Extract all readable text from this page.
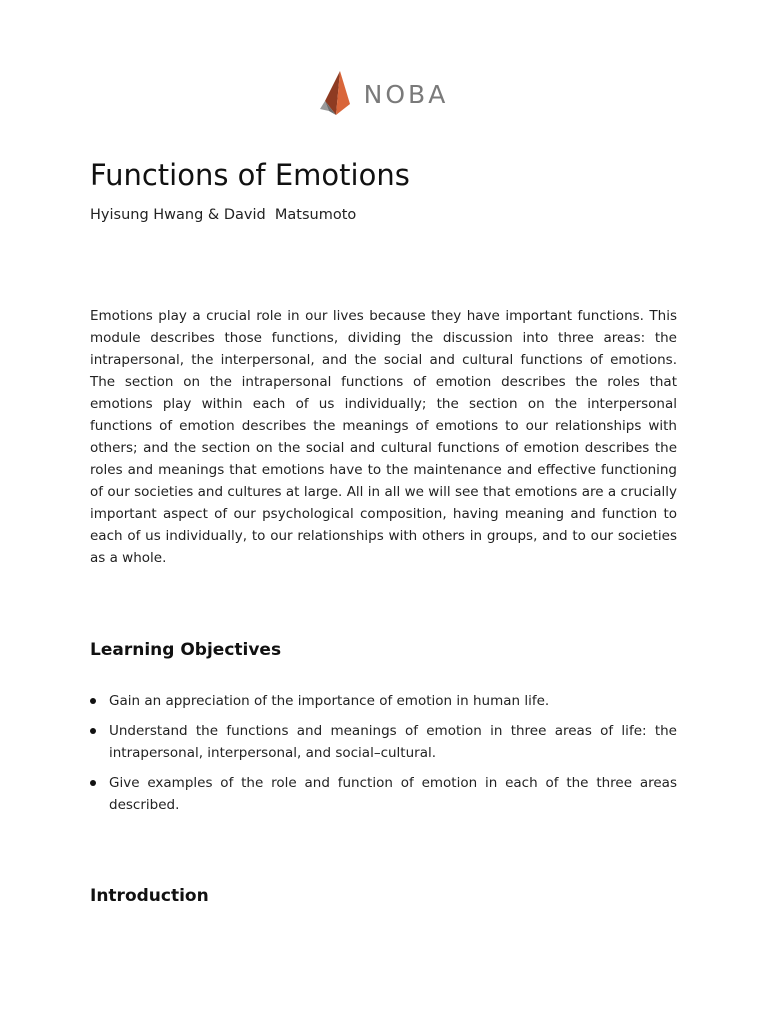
NOBA
Functions of Emotions

Hyisung Hwang & David  Matsumoto

Emotions play a crucial role in our lives because they have important functions. This module describes those functions, dividing the discussion into three areas: the intrapersonal, the interpersonal, and the social and cultural functions of emotions. The section on the intrapersonal functions of emotion describes the roles that emotions play within each of us individually; the section on the interpersonal functions of emotion describes the meanings of emotions to our relationships with others; and the section on the social and cultural functions of emotion describes the roles and meanings that emotions have to the maintenance and effective functioning of our societies and cultures at large. All in all we will see that emotions are a crucially important aspect of our psychological composition, having meaning and function to each of us individually, to our relationships with others in groups, and to our societies as a whole.

Learning Objectives
Gain an appreciation of the importance of emotion in human life.
Understand the functions and meanings of emotion in three areas of life: the intrapersonal, interpersonal, and social–cultural.
Give examples of the role and function of emotion in each of the three areas described.
Introduction
